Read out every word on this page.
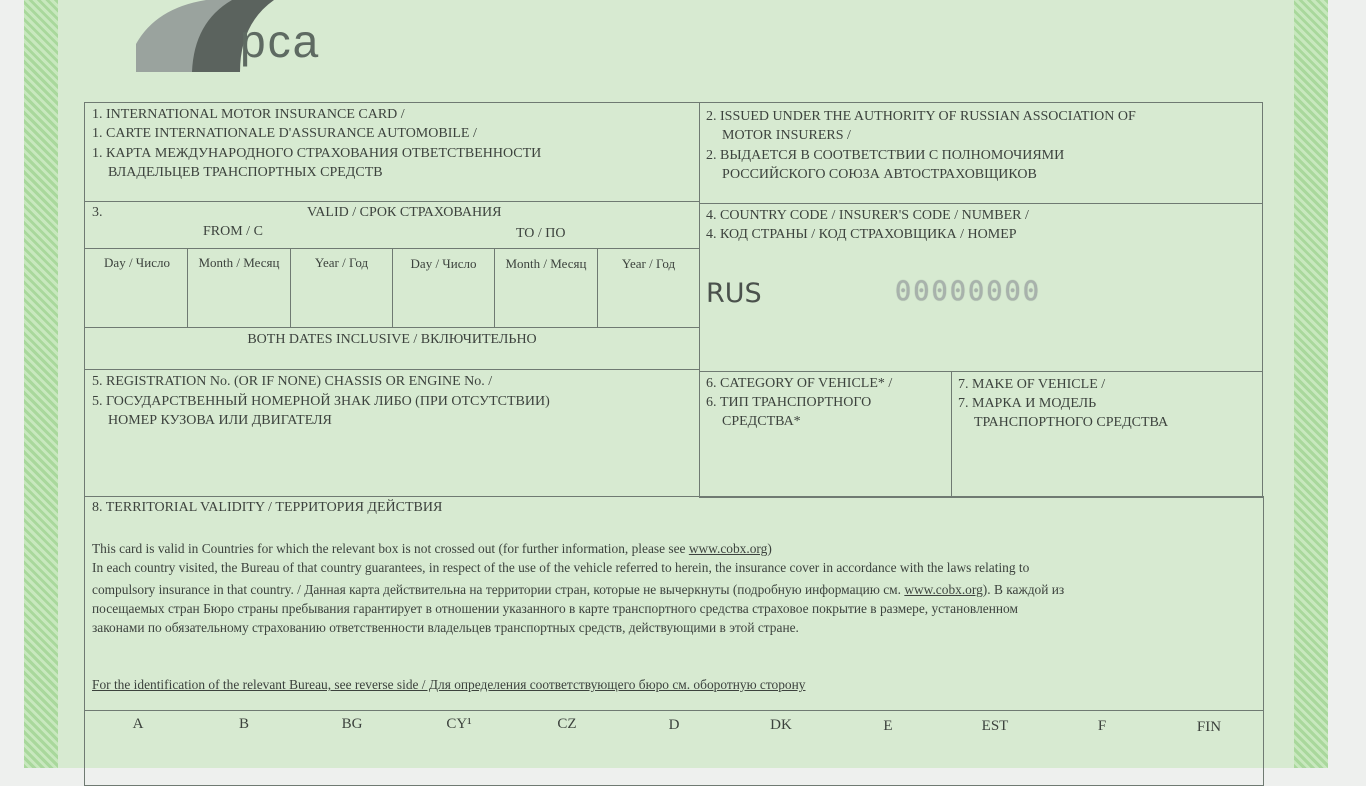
рса
1. INTERNATIONAL MOTOR INSURANCE CARD /
1. CARTE INTERNATIONALE D'ASSURANCE AUTOMOBILE /
1. КАРТА МЕЖДУНАРОДНОГО СТРАХОВАНИЯ ОТВЕТСТВЕННОСТИ
ВЛАДЕЛЬЦЕВ ТРАНСПОРТНЫХ СРЕДСТВ
2. ISSUED UNDER THE AUTHORITY OF RUSSIAN ASSOCIATION OF
MOTOR INSURERS /
2. ВЫДАЕТСЯ В СООТВЕТСТВИИ С ПОЛНОМОЧИЯМИ
РОССИЙСКОГО СОЮЗА АВТОСТРАХОВЩИКОВ
3.	VALID / СРОК СТРАХОВАНИЯ
FROM / С	TO / ПО
Day / Число	Month / Месяц	Year / Год	Day / Число	Month / Месяц	Year / Год
BOTH DATES INCLUSIVE / ВКЛЮЧИТЕЛЬНО
4. COUNTRY CODE / INSURER'S CODE / NUMBER /
4. КОД СТРАНЫ / КОД СТРАХОВЩИКА / НОМЕР
RUS	00000000
5. REGISTRATION No. (OR IF NONE) CHASSIS OR ENGINE No. /
5. ГОСУДАРСТВЕННЫЙ НОМЕРНОЙ ЗНАК ЛИБО (ПРИ ОТСУТСТВИИ)
НОМЕР КУЗОВА ИЛИ ДВИГАТЕЛЯ
6. CATEGORY OF VEHICLE* /
6. ТИП ТРАНСПОРТНОГО
СРЕДСТВА*
7. MAKE OF VEHICLE /
7. МАРКА И МОДЕЛЬ
ТРАНСПОРТНОГО СРЕДСТВА
8. TERRITORIAL VALIDITY / ТЕРРИТОРИЯ ДЕЙСТВИЯ
This card is valid in Countries for which the relevant box is not crossed out (for further information, please see www.cobx.org)
In each country visited, the Bureau of that country guarantees, in respect of the use of the vehicle referred to herein, the insurance cover in accordance with the laws relating to
compulsory insurance in that country. / Данная карта действительна на территории стран, которые не вычеркнуты (подробную информацию см. www.cobx.org). В каждой из
посещаемых стран Бюро страны пребывания гарантирует в отношении указанного в карте транспортного средства страховое покрытие в размере, установленном
законами по обязательному страхованию ответственности владельцев транспортных средств, действующими в этой стране.
For the identification of the relevant Bureau, see reverse side / Для определения соответствующего бюро см. оборотную сторону
A	B	BG	CY¹	CZ	D	DK	E	EST	F	FIN
